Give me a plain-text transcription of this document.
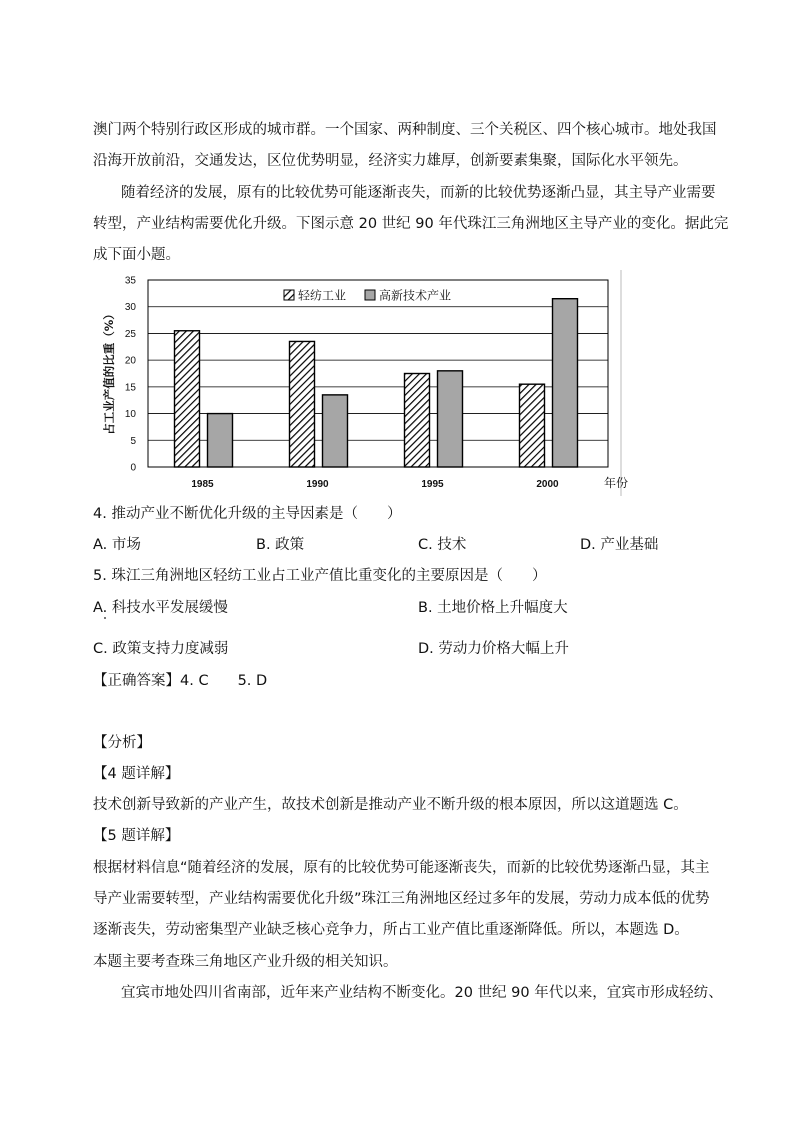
澳门两个特别行政区形成的城市群。一个国家、两种制度、三个关税区、四个核心城市。地处我国
沿海开放前沿，交通发达，区位优势明显，经济实力雄厚，创新要素集聚，国际化水平领先。
随着经济的发展，原有的比较优势可能逐渐丧失，而新的比较优势逐渐凸显，其主导产业需要
转型，产业结构需要优化升级。下图示意 20 世纪 90 年代珠江三角洲地区主导产业的变化。据此完
成下面小题。
0
5
10
15
20
25
30
35
1985	1990	1995	2000	年份
占工业产值的比重（%）
轻纺工业	高新技术产业
4. 推动产业不断优化升级的主导因素是（　　）
A. 市场	B. 政策	C. 技术	D. 产业基础
5. 珠江三角洲地区轻纺工业占工业产值比重变化的主要原因是（　　）
A. 科技水平发展缓慢	B. 土地价格上升幅度大
C. 政策支持力度减弱	D. 劳动力价格大幅上升
【正确答案】4. C　　5. D
【分析】
【4 题详解】
技术创新导致新的产业产生，故技术创新是推动产业不断升级的根本原因，所以这道题选 C。
【5 题详解】
根据材料信息“随着经济的发展，原有的比较优势可能逐渐丧失，而新的比较优势逐渐凸显，其主
导产业需要转型，产业结构需要优化升级”珠江三角洲地区经过多年的发展，劳动力成本低的优势
逐渐丧失，劳动密集型产业缺乏核心竞争力，所占工业产值比重逐渐降低。所以，本题选 D。
本题主要考查珠三角地区产业升级的相关知识。
宜宾市地处四川省南部，近年来产业结构不断变化。20 世纪 90 年代以来，宜宾市形成轻纺、
